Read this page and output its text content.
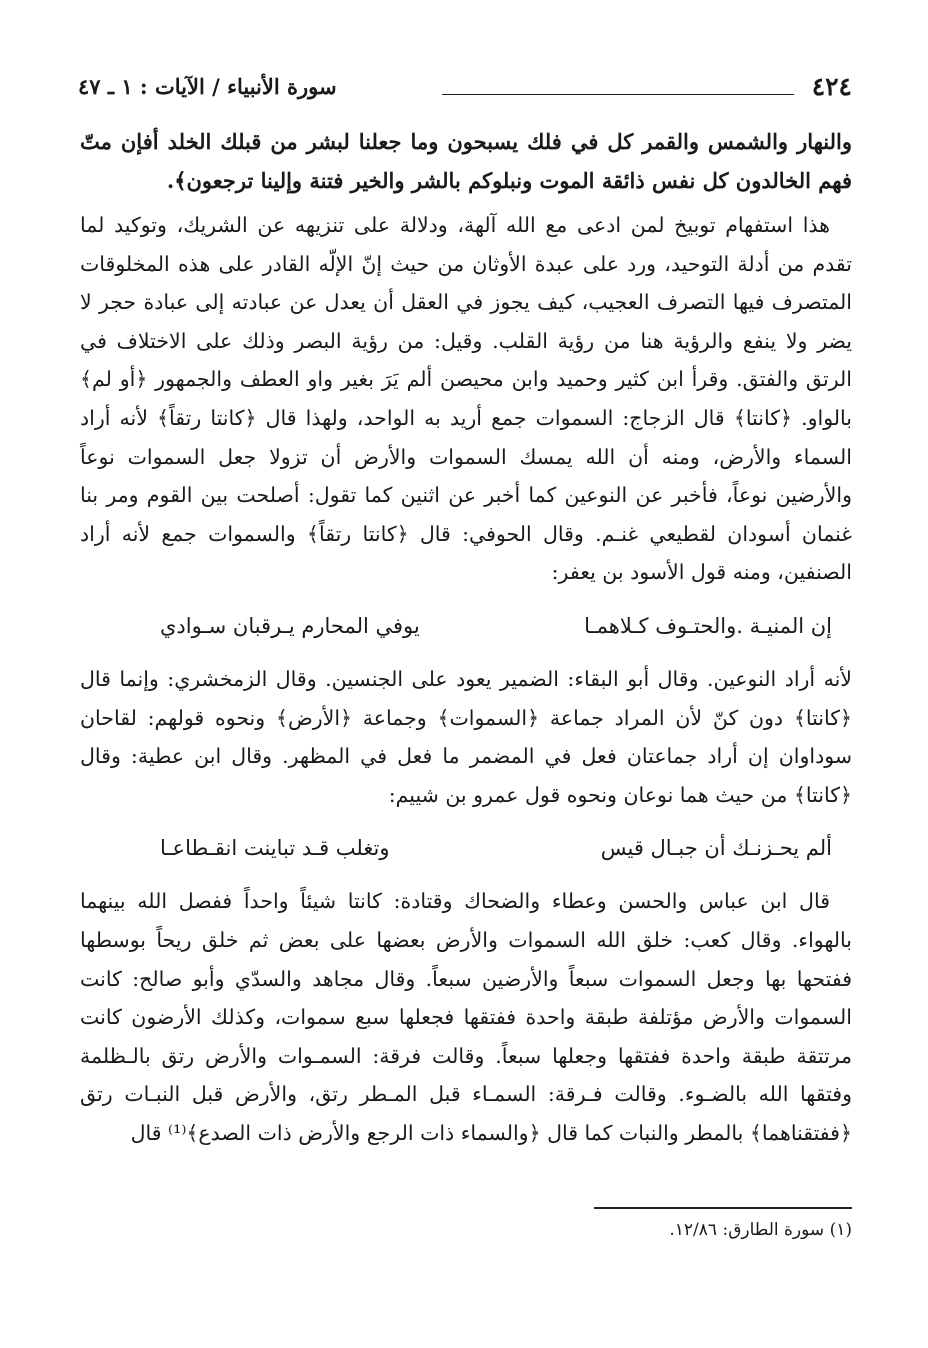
٤٢٤
سورة الأنبياء / الآيات : ١ ـ ٤٧

والنهار والشمس والقمر كل في فلك يسبحون وما جعلنا لبشر من قبلك الخلد أفإن متّ فهم الخالدون كل نفس ذائقة الموت ونبلوكم بالشر والخير فتنة وإلينا ترجعون﴾.

هذا استفهام توبيخ لمن ادعى مع الله آلهة، ودلالة على تنزيهه عن الشريك، وتوكيد لما تقدم من أدلة التوحيد، ورد على عبدة الأوثان من حيث إنّ الإلّه القادر على هذه المخلوقات المتصرف فيها التصرف العجيب، كيف يجوز في العقل أن يعدل عن عبادته إلى عبادة حجر لا يضر ولا ينفع والرؤية هنا من رؤية القلب. وقيل: من رؤية البصر وذلك على الاختلاف في الرتق والفتق. وقرأ ابن كثير وحميد وابن محيصن ألم يَرَ بغير واو العطف والجمهور ﴿أو لم﴾ بالواو. ﴿كانتا﴾ قال الزجاج: السموات جمع أريد به الواحد، ولهذا قال ﴿كانتا رتقاً﴾ لأنه أراد السماء والأرض، ومنه أن الله يمسك السموات والأرض أن تزولا جعل السموات نوعاً والأرضين نوعاً، فأخبر عن النوعين كما أخبر عن اثنين كما تقول: أصلحت بين القوم ومر بنا غنمان أسودان لقطيعي غنـم. وقال الحوفي: قال ﴿كانتا رتقاً﴾ والسموات جمع لأنه أراد الصنفين، ومنه قول الأسود بن يعفر:

إن المنيـة .والحتـوف كـلاهمـا
يوفي المحارم يـرقبان سـوادي

لأنه أراد النوعين. وقال أبو البقاء: الضمير يعود على الجنسين. وقال الزمخشري: وإنما قال ﴿كانتا﴾ دون كنّ لأن المراد جماعة ﴿السموات﴾ وجماعة ﴿الأرض﴾ ونحوه قولهم: لقاحان سوداوان إن أراد جماعتان فعل في المضمر ما فعل في المظهر. وقال ابن عطية: وقال ﴿كانتا﴾ من حيث هما نوعان ونحوه قول عمرو بن شييم:

ألم يحـزنـك أن جبـال قيس
وتغلب قـد تباينت انقـطاعـا

قال ابن عباس والحسن وعطاء والضحاك وقتادة: كانتا شيئاً واحداً ففصل الله بينهما بالهواء. وقال كعب: خلق الله السموات والأرض بعضها على بعض ثم خلق ريحاً بوسطها ففتحها بها وجعل السموات سبعاً والأرضين سبعاً. وقال مجاهد والسدّي وأبو صالح: كانت السموات والأرض مؤتلفة طبقة واحدة ففتقها فجعلها سبع سموات، وكذلك الأرضون كانت مرتتقة طبقة واحدة ففتقها وجعلها سبعاً. وقالت فرقة: السمـوات والأرض رتق بالـظلمة وفتقها الله بالضـوء. وقالت فـرقة: السمـاء قبل المـطر رتق، والأرض قبل النبـات رتق ﴿ففتقناهما﴾ بالمطر والنبات كما قال ﴿والسماء ذات الرجع والأرض ذات الصدع﴾⁽¹⁾ قال

(١) سورة الطارق: ١٢/٨٦.
